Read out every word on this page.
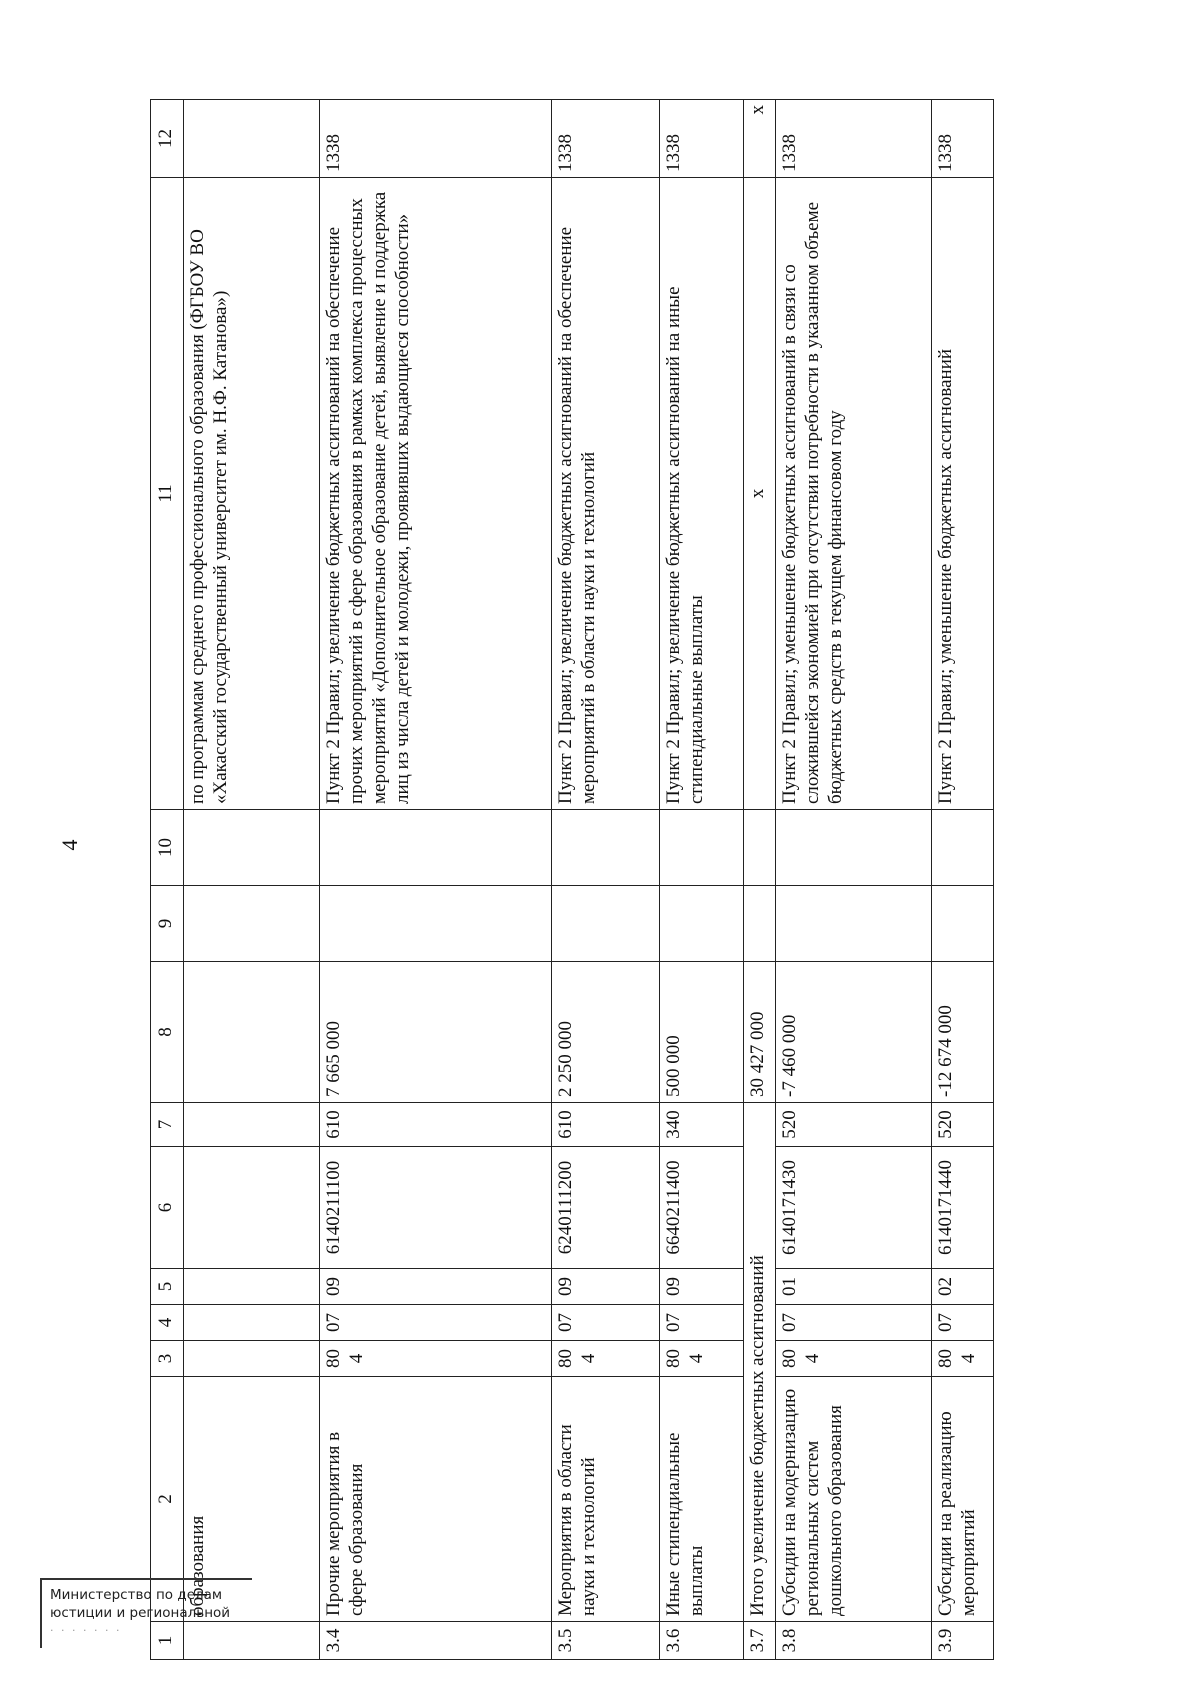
4
1	2	3	4	5	6	7	8	9	10	11	12
	образования									по программам среднего профессионального образования (ФГБОУ ВО «Хакасский государственный университет им. Н.Ф. Катанова»)	
3.4	Прочие мероприятия в сфере образования	804	07	09	6140211100	610	7 665 000			Пункт 2 Правил; увеличение бюджетных ассигнований на обеспечение прочих мероприятий в сфере образования в рамках комплекса процессных мероприятий «Дополнительное образование детей, выявление и поддержка лиц из числа детей и молодежи, проявивших выдающиеся способности»	1338
3.5	Мероприятия в области науки и технологий	804	07	09	6240111200	610	2 250 000			Пункт 2 Правил; увеличение бюджетных ассигнований на обеспечение мероприятий в области науки и технологий	1338
3.6	Иные стипендиальные выплаты	804	07	09	6640211400	340	500 000			Пункт 2 Правил; увеличение бюджетных ассигнований на иные стипендиальные выплаты	1338
3.7	Итого увеличение бюджетных ассигнований						30 427 000			x	x
3.8	Субсидии на модернизацию региональных систем дошкольного образования	804	07	01	6140171430	520	-7 460 000			Пункт 2 Правил; уменьшение бюджетных ассигнований в связи со сложившейся экономией при отсутствии потребности в указанном объеме бюджетных средств в текущем финансовом году	1338
3.9	Субсидии на реализацию мероприятий	804	07	02	6140171440	520	-12 674 000			Пункт 2 Правил; уменьшение бюджетных ассигнований	1338
Министерство по делам
юстиции и региональной
· · · · · · ·
